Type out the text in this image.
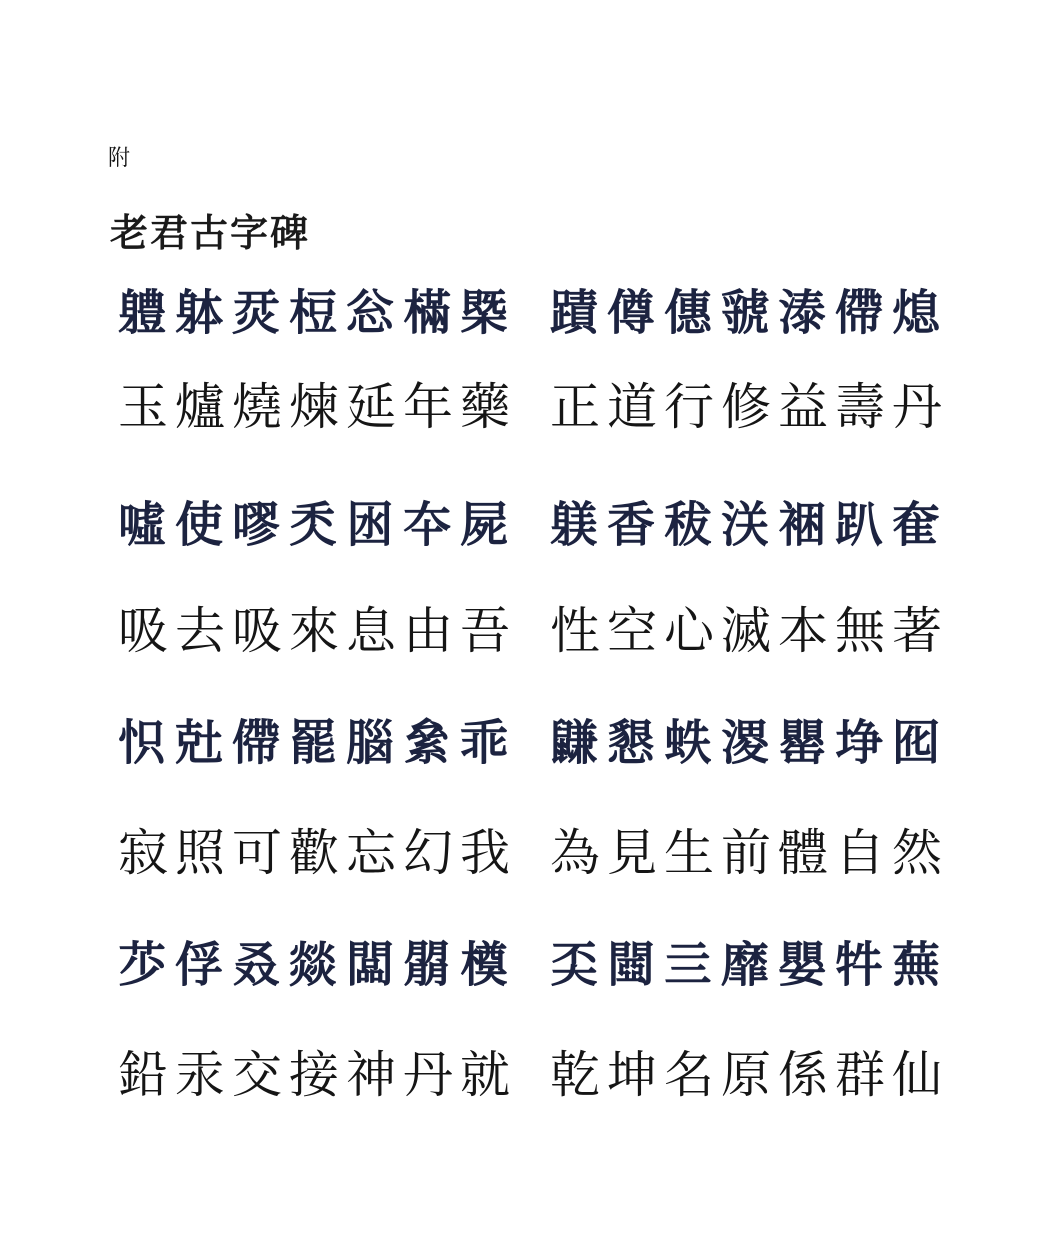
附
老君古字碑
軆躰烎梪忩樠槩 蹟僔僡虢溙僀熄
玉爐燒煉延年藥 正道行修益壽丹
噓使嘐秂囦夲屍 躾香秡浂裍趴奞
吸去吸來息由吾 性空心滅本無著
怾兙僀罷腦絫乖 鼸懇蛈溭罌埩囮
寂照可歡忘幻我 為見生前體自然
䒚俘叒燚闆朤橂 奀閸亖靡嬰牪蕪
鉛汞交接神丹就 乾坤名原係群仙
